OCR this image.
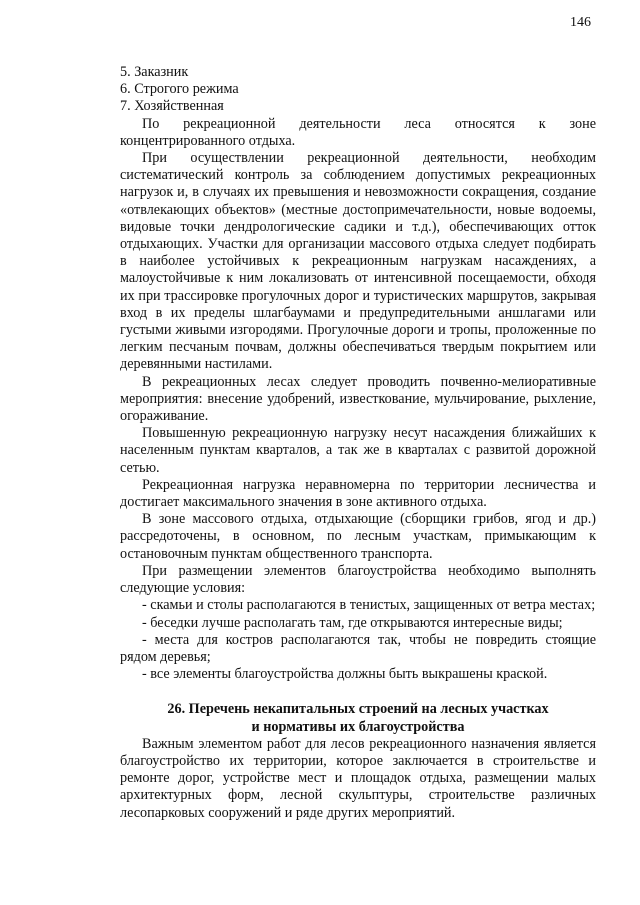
146
5. Заказник
6. Строгого режима
7. Хозяйственная

По рекреационной деятельности леса относятся к зоне концентрированного отдыха.

При осуществлении рекреационной деятельности, необходим систематический контроль за соблюдением допустимых рекреационных нагрузок и, в случаях их превышения и невозможности сокращения, создание «отвлекающих объектов» (местные достопримечательности, новые водоемы, видовые точки дендрологические садики и т.д.), обеспечивающих отток отдыхающих. Участки для организации массового отдыха следует подбирать в наиболее устойчивых к рекреационным нагрузкам насаждениях, а малоустойчивые к ним локализовать от интенсивной посещаемости, обходя их при трассировке прогулочных дорог и туристических маршрутов, закрывая вход в их пределы шлагбаумами и предупредительными аншлагами или густыми живыми изгородями. Прогулочные дороги и тропы, проложенные по легким песчаным почвам, должны обеспечиваться твердым покрытием или деревянными настилами.

В рекреационных лесах следует проводить почвенно-мелиоративные мероприятия: внесение удобрений, известкование, мульчирование, рыхление, огораживание.

Повышенную рекреационную нагрузку несут насаждения ближайших к населенным пунктам кварталов, а так же в кварталах с развитой дорожной сетью.

Рекреационная нагрузка неравномерна по территории лесничества и достигает максимального значения в зоне активного отдыха.

В зоне массового отдыха, отдыхающие (сборщики грибов, ягод и др.) рассредоточены, в основном, по лесным участкам, примыкающим к остановочным пунктам общественного транспорта.

При размещении элементов благоустройства необходимо выполнять следующие условия:

- скамьи и столы располагаются в тенистых, защищенных от ветра местах;

- беседки лучше располагать там, где открываются интересные виды;

- места для костров располагаются так, чтобы не повредить стоящие рядом деревья;

- все элементы благоустройства должны быть выкрашены краской.

26. Перечень некапитальных строений на лесных участках
и нормативы их благоустройства

Важным элементом работ для лесов рекреационного назначения является благоустройство их территории, которое заключается в строительстве и ремонте дорог, устройстве мест и площадок отдыха, размещении малых архитектурных форм, лесной скульптуры, строительстве различных лесопарковых сооружений и ряде других мероприятий.
